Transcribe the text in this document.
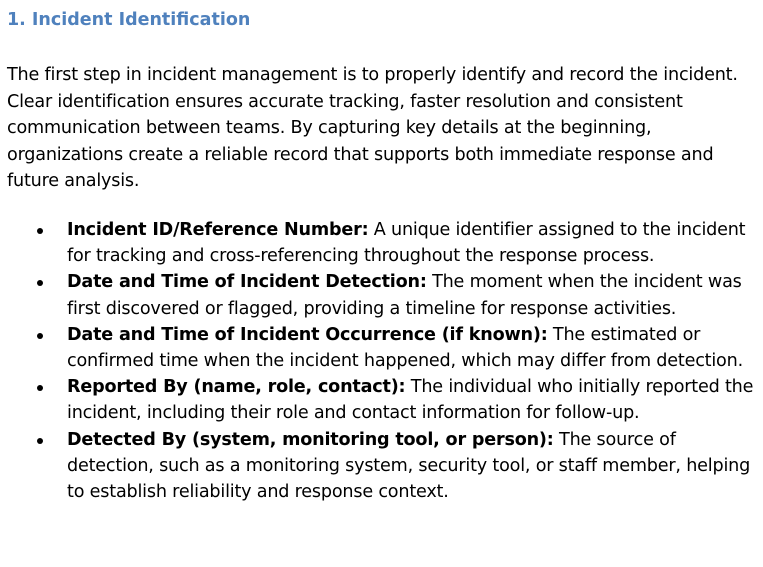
1. Incident Identification

The first step in incident management is to properly identify and record the incident. Clear identification ensures accurate tracking, faster resolution and consistent communication between teams. By capturing key details at the beginning, organizations create a reliable record that supports both immediate response and future analysis.

Incident ID/Reference Number: A unique identifier assigned to the incident for tracking and cross-referencing throughout the response process.
Date and Time of Incident Detection: The moment when the incident was first discovered or flagged, providing a timeline for response activities.
Date and Time of Incident Occurrence (if known): The estimated or confirmed time when the incident happened, which may differ from detection.
Reported By (name, role, contact): The individual who initially reported the incident, including their role and contact information for follow-up.
Detected By (system, monitoring tool, or person): The source of detection, such as a monitoring system, security tool, or staff member, helping to establish reliability and response context.
